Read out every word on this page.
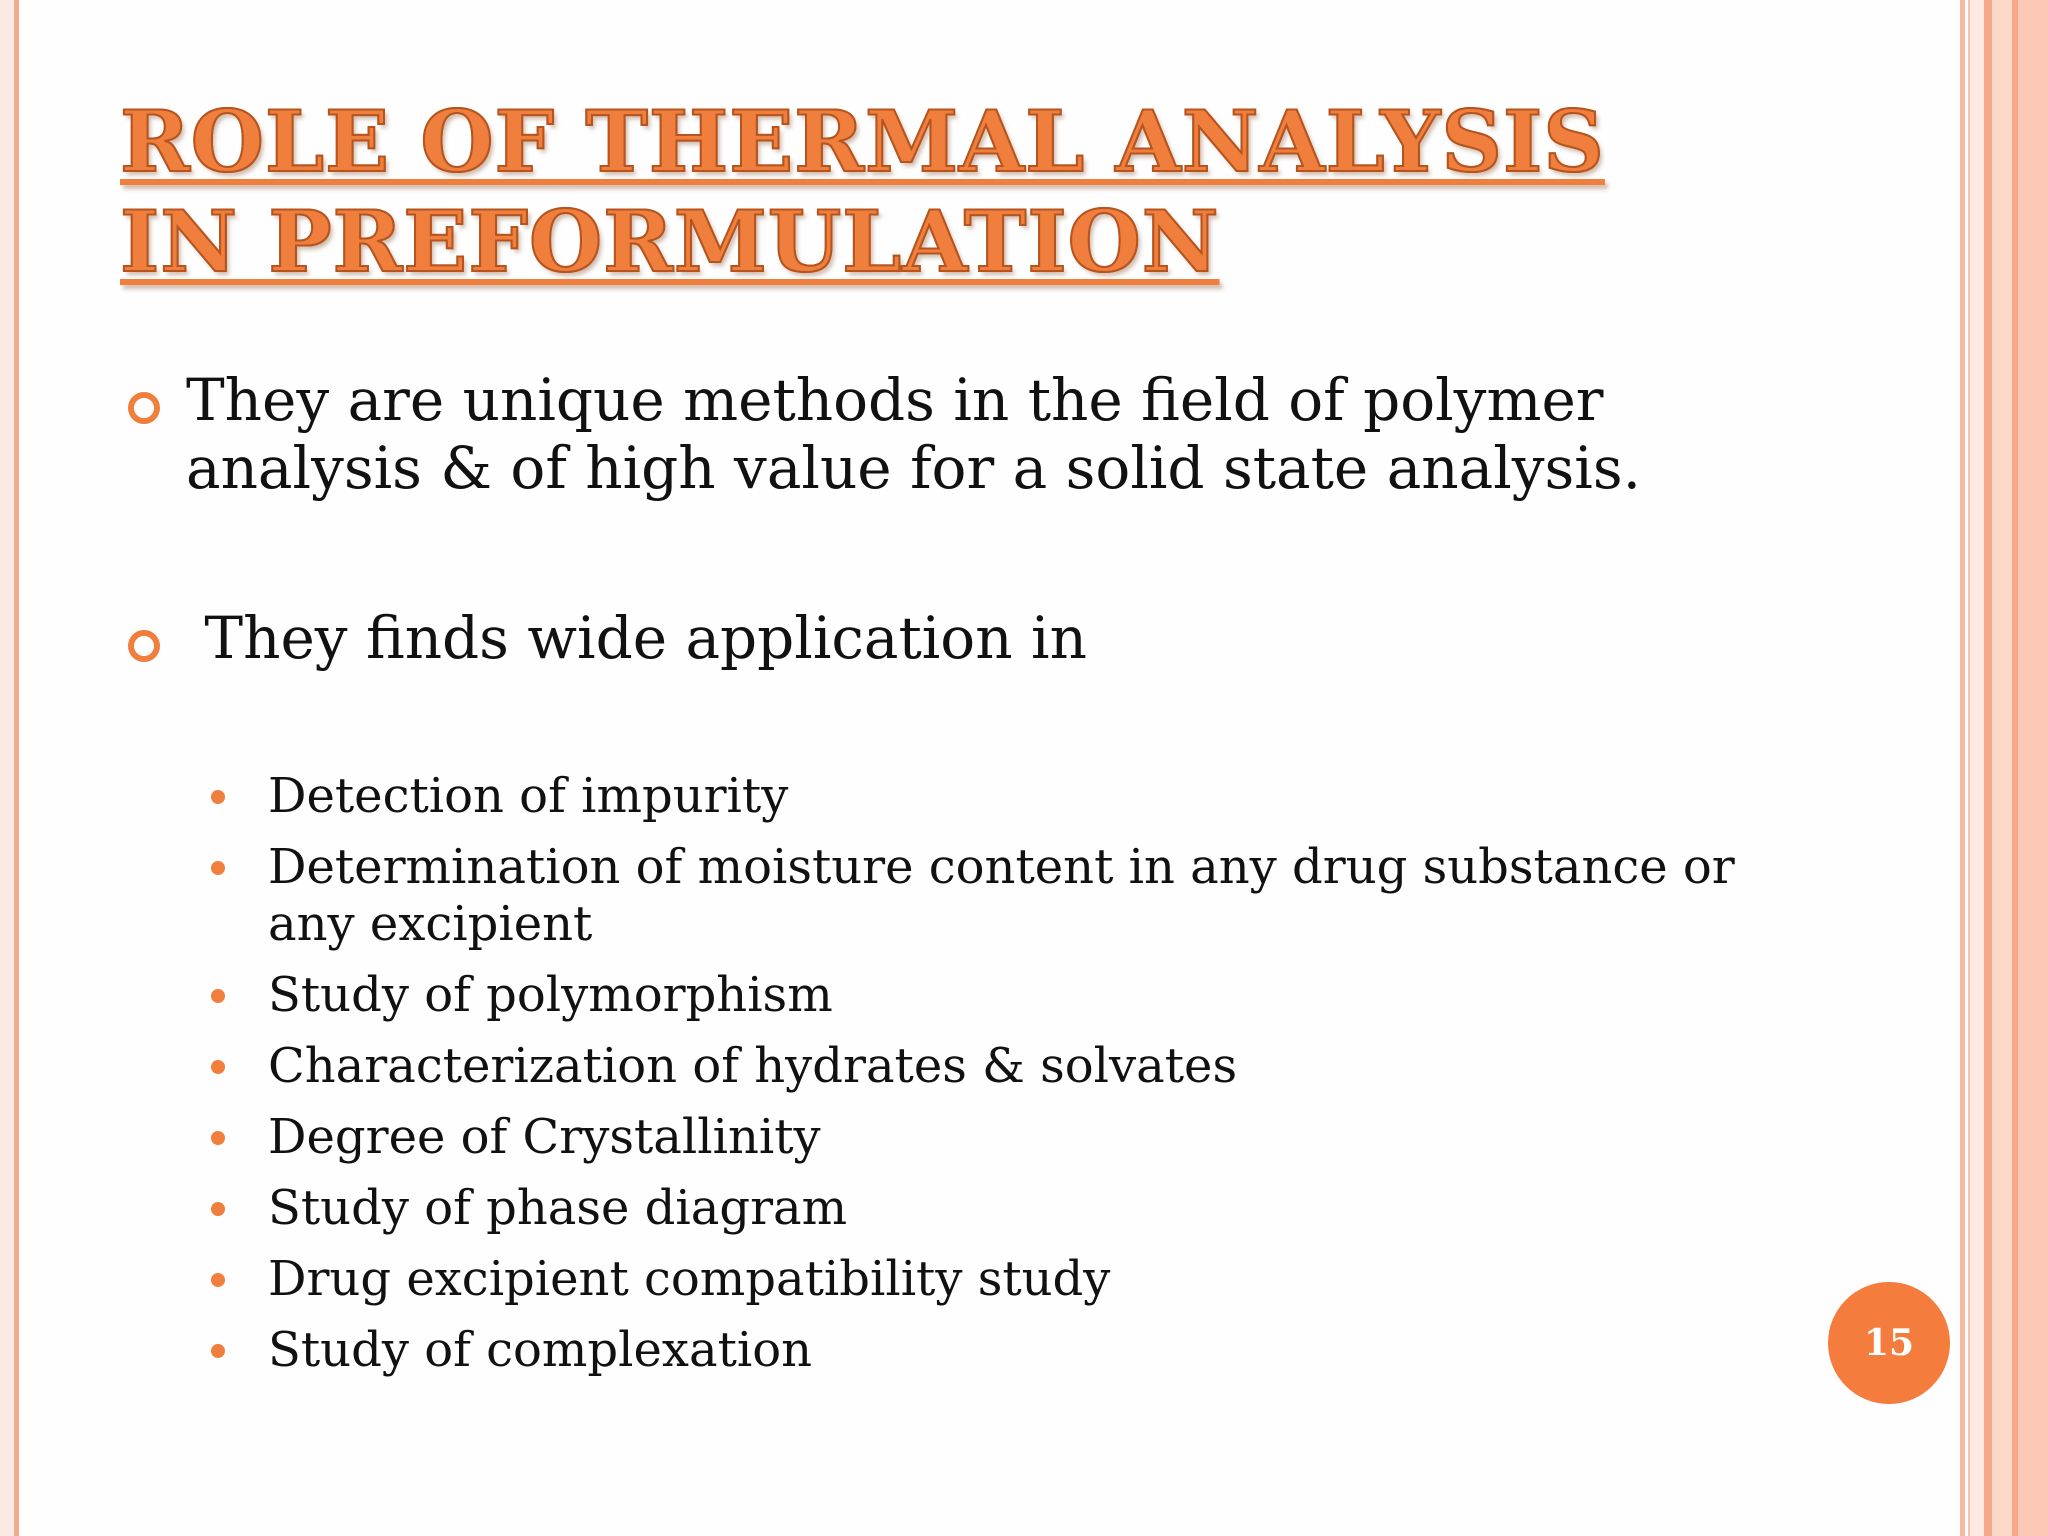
ROLE OF THERMAL ANALYSIS IN PREFORMULATION
They are unique methods in the field of polymer analysis & of high value for a solid state analysis.
They finds wide application in
Detection of impurity
Determination of moisture content in any drug substance or any excipient
Study of polymorphism
Characterization of hydrates & solvates
Degree of Crystallinity
Study of phase diagram
Drug excipient compatibility study
Study of complexation	15
